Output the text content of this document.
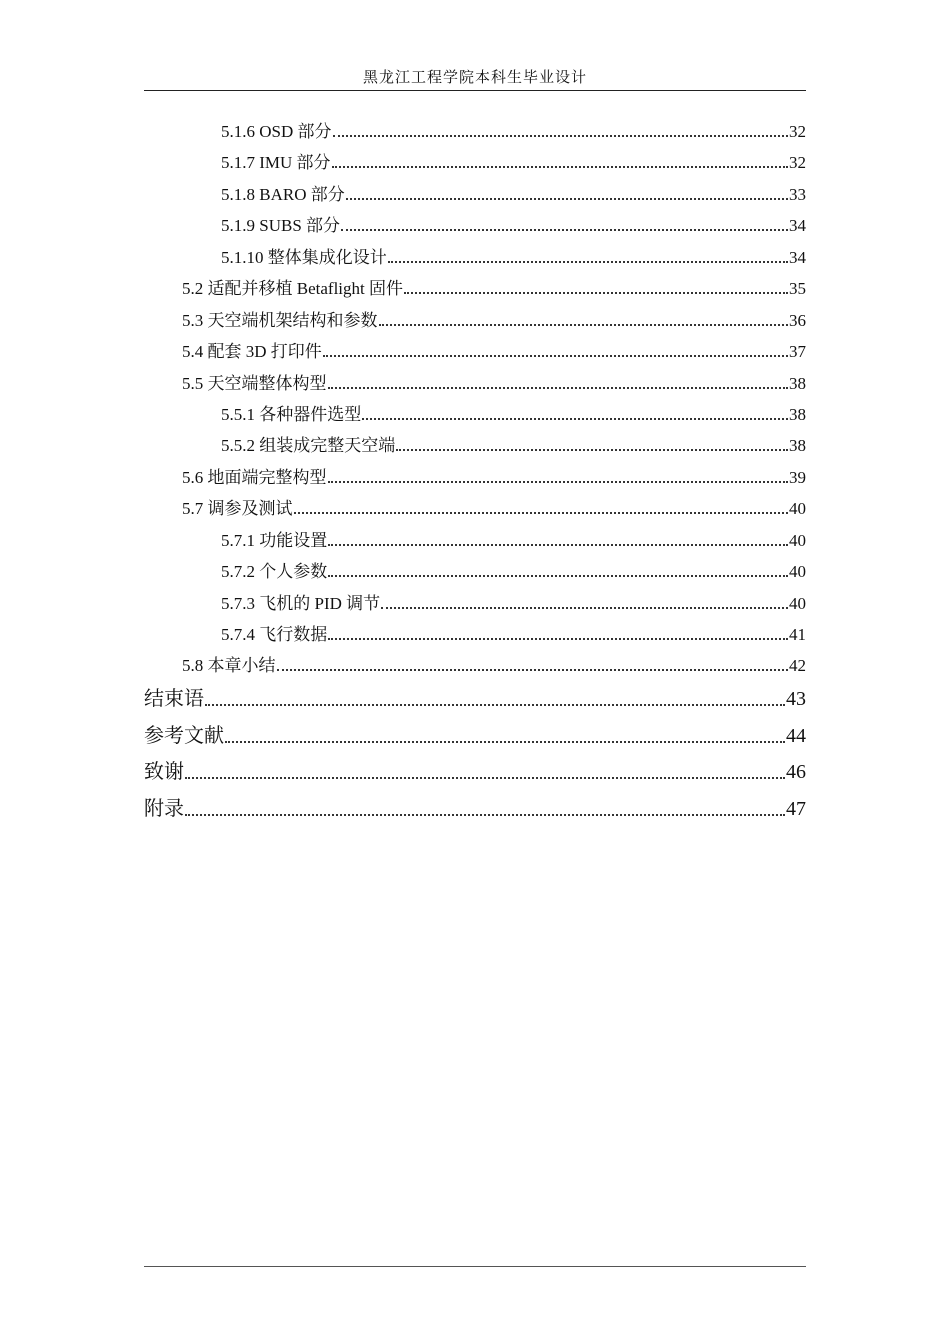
黑龙江工程学院本科生毕业设计
5.1.6 OSD 部分	32
5.1.7 IMU 部分	32
5.1.8 BARO 部分	33
5.1.9 SUBS 部分	34
5.1.10 整体集成化设计	34
5.2 适配并移植 Betaflight 固件	35
5.3 天空端机架结构和参数	36
5.4 配套 3D 打印件	37
5.5 天空端整体构型	38
5.5.1 各种器件选型	38
5.5.2 组装成完整天空端	38
5.6 地面端完整构型	39
5.7 调参及测试	40
5.7.1 功能设置	40
5.7.2 个人参数	40
5.7.3 飞机的 PID 调节	40
5.7.4 飞行数据	41
5.8 本章小结	42
结束语	43
参考文献	44
致谢	46
附录	47
